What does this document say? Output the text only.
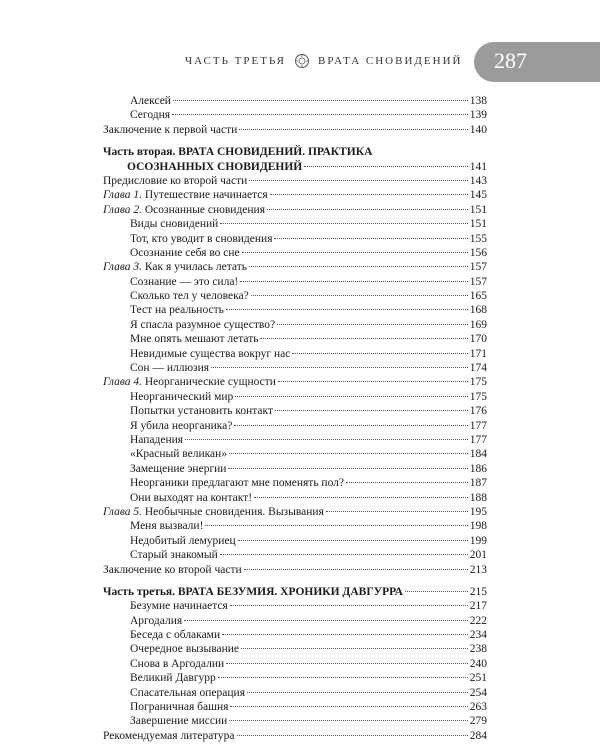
ЧАСТЬ ТРЕТЬЯ	ВРАТА СНОВИДЕНИЙ 287
Алексей	138
Сегодня	139
Заключение к первой части	140
Часть вторая. ВРАТА СНОВИДЕНИЙ. ПРАКТИКА
ОСОЗНАННЫХ СНОВИДЕНИЙ	141
Предисловие ко второй части	143
Глава 1. Путешествие начинается	145
Глава 2. Осознанные сновидения	151
Виды сновидений	151
Тот, кто уводит в сновидения	155
Осознание себя во сне	156
Глава 3. Как я училась летать	157
Сознание — это сила!	157
Сколько тел у человека?	165
Тест на реальность	168
Я спасла разумное существо?	169
Мне опять мешают летать	170
Невидимые существа вокруг нас	171
Сон — иллюзия	174
Глава 4. Неорганические сущности	175
Неорганический мир	175
Попытки установить контакт	176
Я убила неорганика?	177
Нападения	177
«Красный великан»	184
Замещение энергии	186
Неорганики предлагают мне поменять пол?	187
Они выходят на контакт!	188
Глава 5. Необычные сновидения. Вызывания	195
Меня вызвали!	198
Недобитый лемуриец	199
Старый знакомый	201
Заключение ко второй части	213
Часть третья. ВРАТА БЕЗУМИЯ. ХРОНИКИ ДАВГУРРА	215
Безумие начинается	217
Аргодалия	222
Беседа с облаками	234
Очередное вызывание	238
Снова в Аргодалии	240
Великий Давгурр	251
Спасательная операция	254
Пограничная башня	263
Завершение миссии	279
Рекомендуемая литература	284
